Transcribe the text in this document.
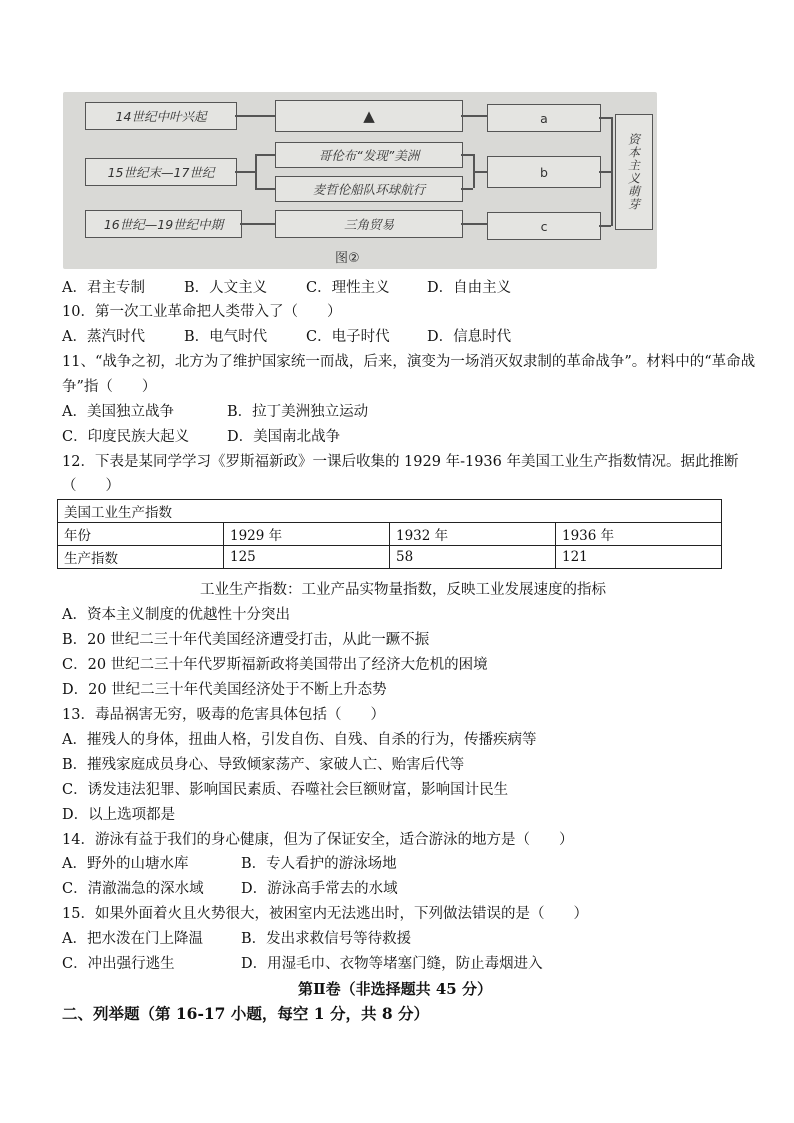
14世纪中叶兴起
15世纪末—17世纪
16世纪—19世纪中期
▲
哥伦布“发现”美洲
麦哲伦船队环球航行
三角贸易
a
b
c
资本主义萌芽
图②
A．君主专制	B．人文主义	C．理性主义	D．自由主义
10．第一次工业革命把人类带入了（　　）
A．蒸汽时代	B．电气时代	C．电子时代	D．信息时代
11、“战争之初，北方为了维护国家统一而战，后来，演变为一场消灭奴隶制的革命战争”。材料中的“革命战
争”指（　　）
A．美国独立战争	B．拉丁美洲独立运动
C．印度民族大起义	D．美国南北战争
12．下表是某同学学习《罗斯福新政》一课后收集的 1929 年-1936 年美国工业生产指数情况。据此推断
（　　）
美国工业生产指数			
年份	1929 年	1932 年	1936 年
生产指数	125	58	121
工业生产指数：工业产品实物量指数，反映工业发展速度的指标
A．资本主义制度的优越性十分突出
B．20 世纪二三十年代美国经济遭受打击，从此一蹶不振
C．20 世纪二三十年代罗斯福新政将美国带出了经济大危机的困境
D．20 世纪二三十年代美国经济处于不断上升态势
13．毒品祸害无穷，吸毒的危害具体包括（　　）
A．摧残人的身体，扭曲人格，引发自伤、自残、自杀的行为，传播疾病等
B．摧残家庭成员身心、导致倾家荡产、家破人亡、贻害后代等
C．诱发违法犯罪、影响国民素质、吞噬社会巨额财富，影响国计民生
D．以上选项都是
14．游泳有益于我们的身心健康，但为了保证安全，适合游泳的地方是（　　）
A．野外的山塘水库	B．专人看护的游泳场地
C．清澈湍急的深水域	D．游泳高手常去的水域
15．如果外面着火且火势很大，被困室内无法逃出时，下列做法错误的是（　　）
A．把水泼在门上降温	B．发出求救信号等待救援
C．冲出强行逃生	D．用湿毛巾、衣物等堵塞门缝，防止毒烟进入
第Ⅱ卷（非选择题共 45 分）
二、列举题（第 16-17 小题，每空 1 分，共 8 分）
